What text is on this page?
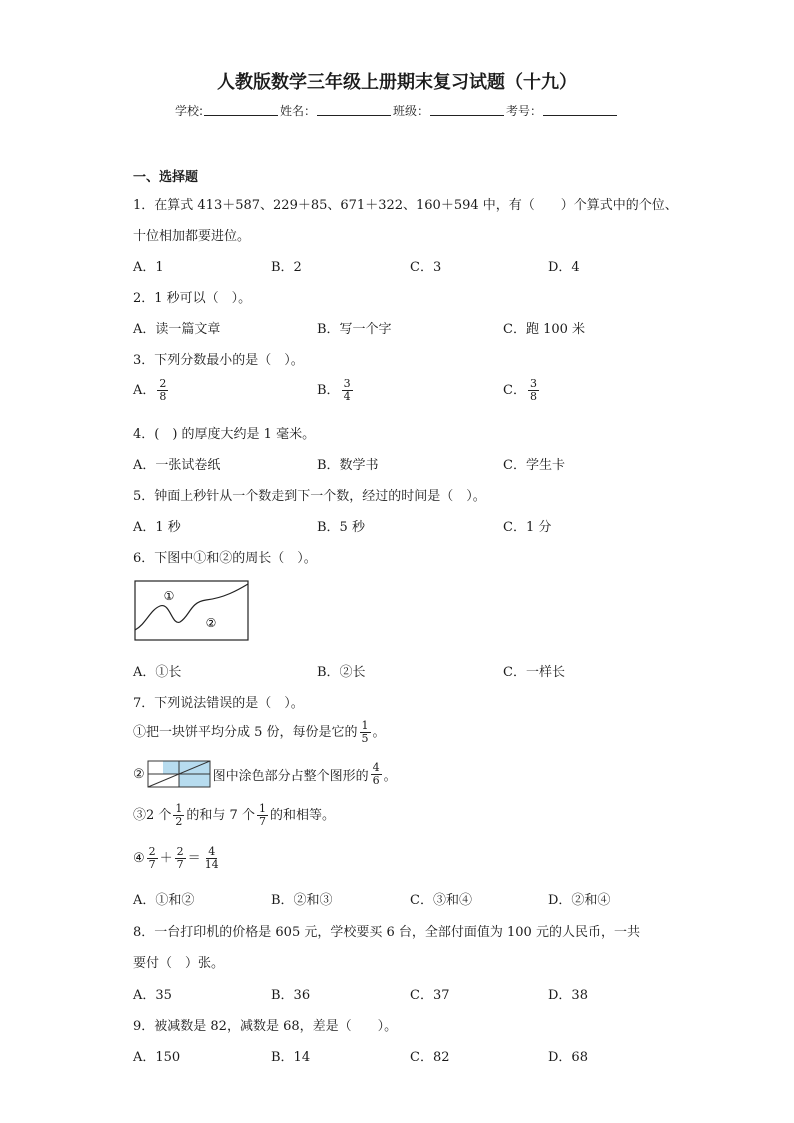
人教版数学三年级上册期末复习试题（十九）
学校:	姓名：	班级：	考号：
一、选择题
1．在算式 413＋587、229＋85、671＋322、160＋594 中，有（　　）个算式中的个位、
十位相加都要进位。
A．1	B．2	C．3	D．4
2．1 秒可以（　）。
A．读一篇文章	B．写一个字	C．跑 100 米
3．下列分数最小的是（　）。
A． $\frac{2}{8}$	B． $\frac{3}{4}$	C． $\frac{3}{8}$
4．(　) 的厚度大约是 1 毫米。
A．一张试卷纸	B．数学书	C．学生卡
5．钟面上秒针从一个数走到下一个数，经过的时间是（　）。
A．1 秒	B．5 秒	C．1 分
6．下图中①和②的周长（　）。
①
②
A．①长	B．②长	C．一样长
7．下列说法错误的是（　）。
①把一块饼平均分成 5 份，每份是它的 $\frac{1}{5}$ 。
②	图中涂色部分占整个图形的 $\frac{4}{6}$ 。
③2 个 $\frac{1}{2}$ 的和与 7 个 $\frac{1}{7}$ 的和相等。
④ $\frac{2}{7} + \frac{2}{7} = \frac{4}{14}$
A．①和②	B．②和③	C．③和④	D．②和④
8．一台打印机的价格是 605 元，学校要买 6 台，全部付面值为 100 元的人民币，一共
要付（　）张。
A．35	B．36	C．37	D．38
9．被减数是 82，减数是 68，差是（　　）。
A．150	B．14	C．82	D．68
